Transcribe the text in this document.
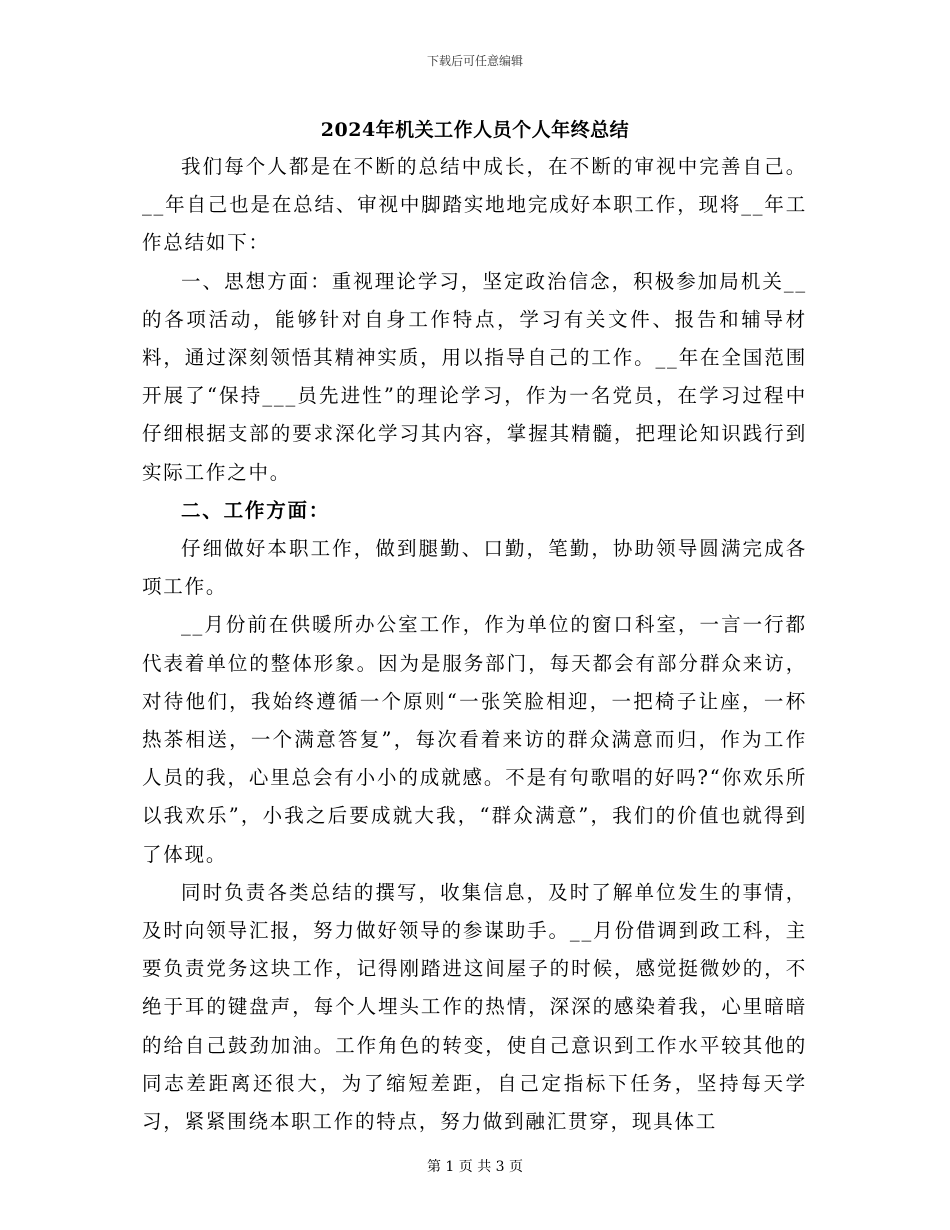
下载后可任意编辑
2024年机关工作人员个人年终总结

我们每个人都是在不断的总结中成长，在不断的审视中完善自己。__年自己也是在总结、审视中脚踏实地地完成好本职工作，现将__年工作总结如下：

一、思想方面：重视理论学习，坚定政治信念，积极参加局机关__的各项活动，能够针对自身工作特点，学习有关文件、报告和辅导材料，通过深刻领悟其精神实质，用以指导自己的工作。__年在全国范围开展了“保持___员先进性”的理论学习，作为一名党员，在学习过程中仔细根据支部的要求深化学习其内容，掌握其精髓，把理论知识践行到实际工作之中。

二、工作方面：

仔细做好本职工作，做到腿勤、口勤，笔勤，协助领导圆满完成各项工作。

__月份前在供暖所办公室工作，作为单位的窗口科室，一言一行都代表着单位的整体形象。因为是服务部门，每天都会有部分群众来访，对待他们，我始终遵循一个原则“一张笑脸相迎，一把椅子让座，一杯热茶相送，一个满意答复”，每次看着来访的群众满意而归，作为工作人员的我，心里总会有小小的成就感。不是有句歌唱的好吗?“你欢乐所以我欢乐”，小我之后要成就大我，“群众满意”，我们的价值也就得到了体现。

同时负责各类总结的撰写，收集信息，及时了解单位发生的事情，及时向领导汇报，努力做好领导的参谋助手。__月份借调到政工科，主要负责党务这块工作，记得刚踏进这间屋子的时候，感觉挺微妙的，不绝于耳的键盘声，每个人埋头工作的热情，深深的感染着我，心里暗暗的给自己鼓劲加油。工作角色的转变，使自己意识到工作水平较其他的同志差距离还很大，为了缩短差距，自己定指标下任务，坚持每天学习，紧紧围绕本职工作的特点，努力做到融汇贯穿，现具体工

第 1 页 共 3 页
